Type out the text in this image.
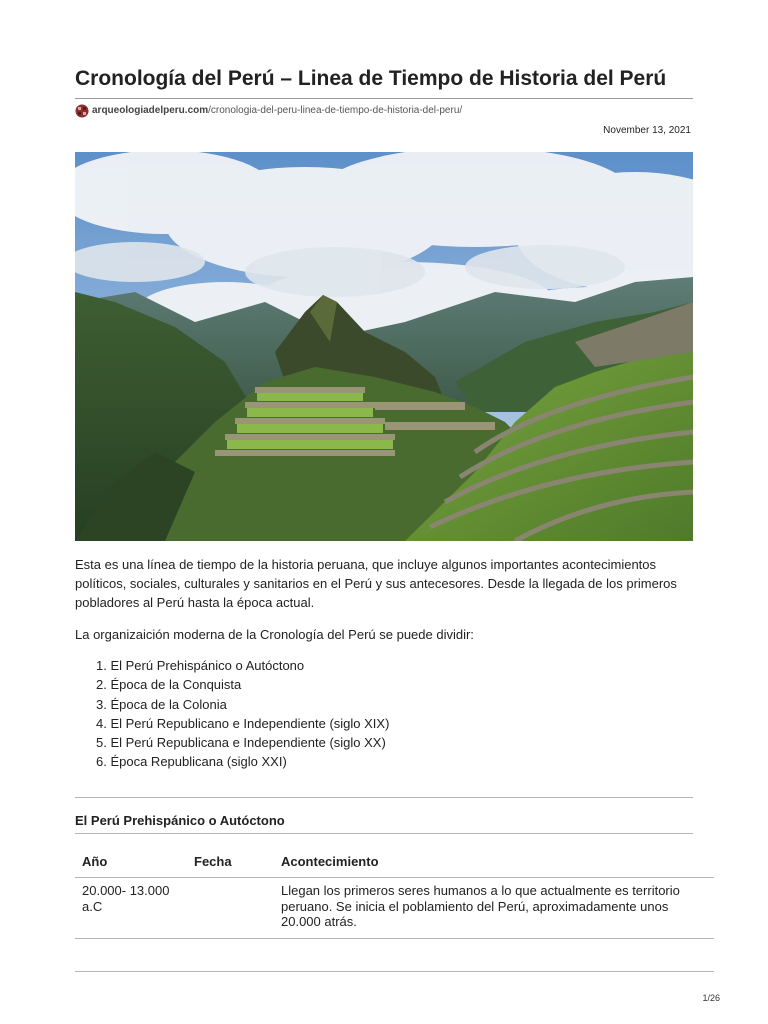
Cronología del Perú – Linea de Tiempo de Historia del Perú
arqueologiadelperu.com /cronologia-del-peru-linea-de-tiempo-de-historia-del-peru/
November 13, 2021

Esta es una línea de tiempo de la historia peruana, que incluye algunos importantes acontecimientos políticos, sociales, culturales y sanitarios en el Perú y sus antecesores. Desde la llegada de los primeros pobladores al Perú hasta la época actual.

La organizaición moderna de la Cronología del Perú se puede dividir:

1. El Perú Prehispánico o Autóctono
2. Época de la Conquista
3. Época de la Colonia
4. El Perú Republicano e Independiente (siglo XIX)
5. El Perú Republicana e Independiente (siglo XX)
6. Época Republicana (siglo XXI)
El Perú Prehispánico o Autóctono
Año	Fecha	Acontecimiento
20.000- 13.000 a.C
Llegan los primeros seres humanos a lo que actualmente es territorio peruano. Se inicia el poblamiento del Perú, aproximadamente unos 20.000 atrás.
1/26
